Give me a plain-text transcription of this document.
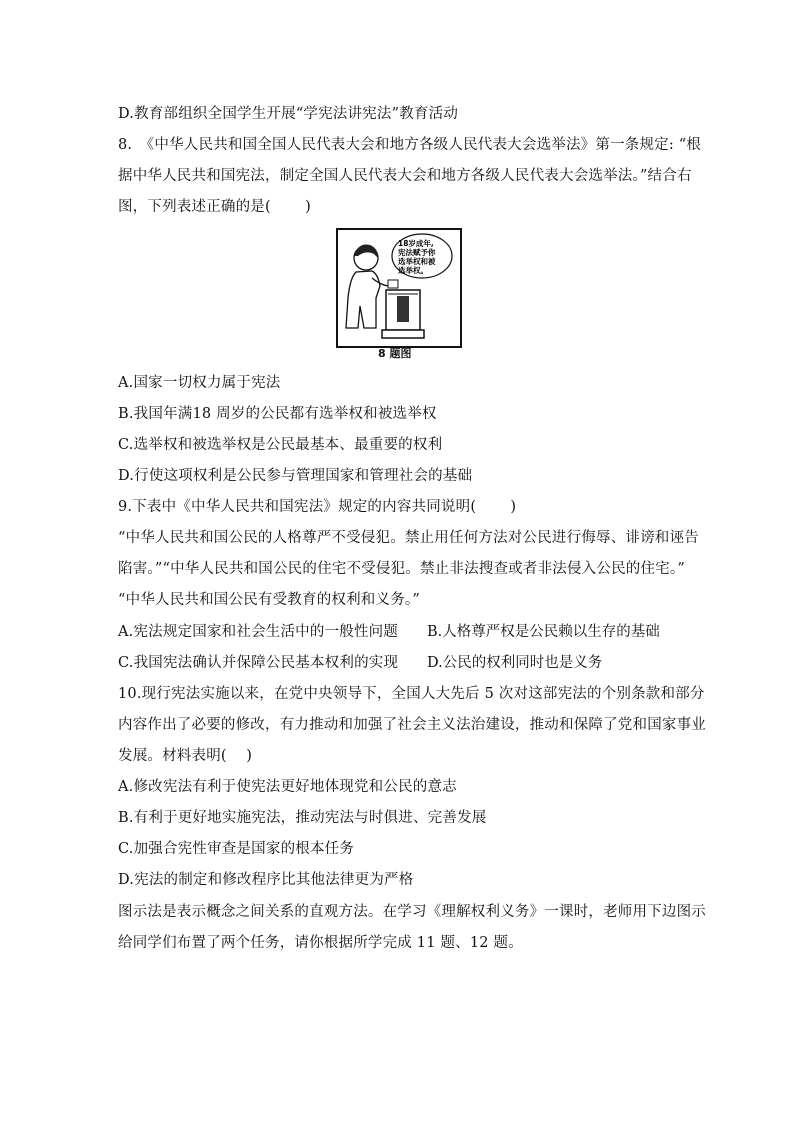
D.教育部组织全国学生开展“学宪法讲宪法”教育活动
8.　《中华人民共和国全国人民代表大会和地方各级人民代表大会选举法》第一条规定: “根
据中华人民共和国宪法，制定全国人民代表大会和地方各级人民代表大会选举法。”结合右
图，下列表述正确的是(　　 )
18岁成年,
宪法赋予你
选举权和被
选举权。
8 题图
A.国家一切权力属于宪法
B.我国年满18 周岁的公民都有选举权和被选举权
C.选举权和被选举权是公民最基本、最重要的权利
D.行使这项权利是公民参与管理国家和管理社会的基础
9.下表中《中华人民共和国宪法》规定的内容共同说明(　　 )
“中华人民共和国公民的人格尊严不受侵犯。禁止用任何方法对公民进行侮辱、诽谤和诬告
陷害。”“中华人民共和国公民的住宅不受侵犯。禁止非法搜查或者非法侵入公民的住宅。”
“中华人民共和国公民有受教育的权利和义务。”
A.宪法规定国家和社会生活中的一般性问题	B.人格尊严权是公民赖以生存的基础
C.我国宪法确认并保障公民基本权利的实现	D.公民的权利同时也是义务
10.现行宪法实施以来，在党中央领导下，全国人大先后 5 次对这部宪法的个别条款和部分
内容作出了必要的修改，有力推动和加强了社会主义法治建设，推动和保障了党和国家事业
发展。材料表明(　 )
A.修改宪法有利于使宪法更好地体现党和公民的意志
B.有利于更好地实施宪法，推动宪法与时俱进、完善发展
C.加强合宪性审查是国家的根本任务
D.宪法的制定和修改程序比其他法律更为严格
图示法是表示概念之间关系的直观方法。在学习《理解权利义务》一课时，老师用下边图示
给同学们布置了两个任务，请你根据所学完成 11 题、12 题。
